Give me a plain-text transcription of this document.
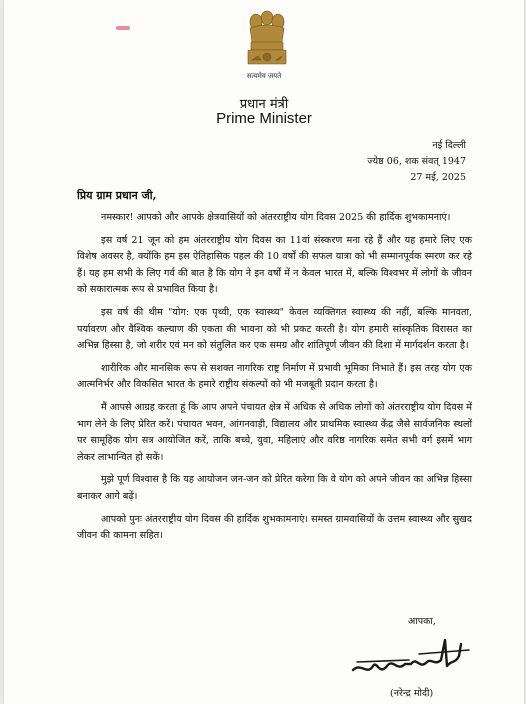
सत्यमेव जयते
प्रधान मंत्री
Prime Minister
नई दिल्ली
ज्येष्ठ 06, शक संवत् 1947
27 मई, 2025
प्रिय ग्राम प्रधान जी,

नमस्कार! आपको और आपके क्षेत्रवासियों को अंतरराष्ट्रीय योग दिवस 2025 की हार्दिक शुभकामनाएं।

इस वर्ष 21 जून को हम अंतरराष्ट्रीय योग दिवस का 11वां संस्करण मना रहे हैं और यह हमारे लिए एक विशेष अवसर है, क्योंकि हम इस ऐतिहासिक पहल की 10 वर्षों की सफल यात्रा को भी सम्मानपूर्वक स्मरण कर रहे हैं। यह हम सभी के लिए गर्व की बात है कि योग ने इन वर्षों में न केवल भारत में, बल्कि विश्वभर में लोगों के जीवन को सकारात्मक रूप से प्रभावित किया है।

इस वर्ष की थीम "योग: एक पृथ्वी, एक स्वास्थ्य" केवल व्यक्तिगत स्वास्थ्य की नहीं, बल्कि मानवता, पर्यावरण और वैश्विक कल्याण की एकता की भावना को भी प्रकट करती है। योग हमारी सांस्कृतिक विरासत का अभिन्न हिस्सा है, जो शरीर एवं मन को संतुलित कर एक समग्र और शांतिपूर्ण जीवन की दिशा में मार्गदर्शन करता है।

शारीरिक और मानसिक रूप से सशक्त नागरिक राष्ट्र निर्माण में प्रभावी भूमिका निभाते हैं। इस तरह योग एक आत्मनिर्भर और विकसित भारत के हमारे राष्ट्रीय संकल्पों को भी मजबूती प्रदान करता है।

मैं आपसे आग्रह करता हूं कि आप अपने पंचायत क्षेत्र में अधिक से अधिक लोगों को अंतरराष्ट्रीय योग दिवस में भाग लेने के लिए प्रेरित करें। पंचायत भवन, आंगनवाड़ी, विद्यालय और प्राथमिक स्वास्थ्य केंद्र जैसे सार्वजनिक स्थलों पर सामूहिक योग सत्र आयोजित करें, ताकि बच्चे, युवा, महिलाएं और वरिष्ठ नागरिक समेत सभी वर्ग इसमें भाग लेकर लाभान्वित हो सकें।

मुझे पूर्ण विश्वास है कि यह आयोजन जन-जन को प्रेरित करेगा कि वे योग को अपने जीवन का अभिन्न हिस्सा बनाकर आगे बढ़ें।

आपको पुनः अंतरराष्ट्रीय योग दिवस की हार्दिक शुभकामनाएं। समस्त ग्रामवासियों के उत्तम स्वास्थ्य और सुखद जीवन की कामना सहित।

आपका,
(नरेन्द्र मोदी)
